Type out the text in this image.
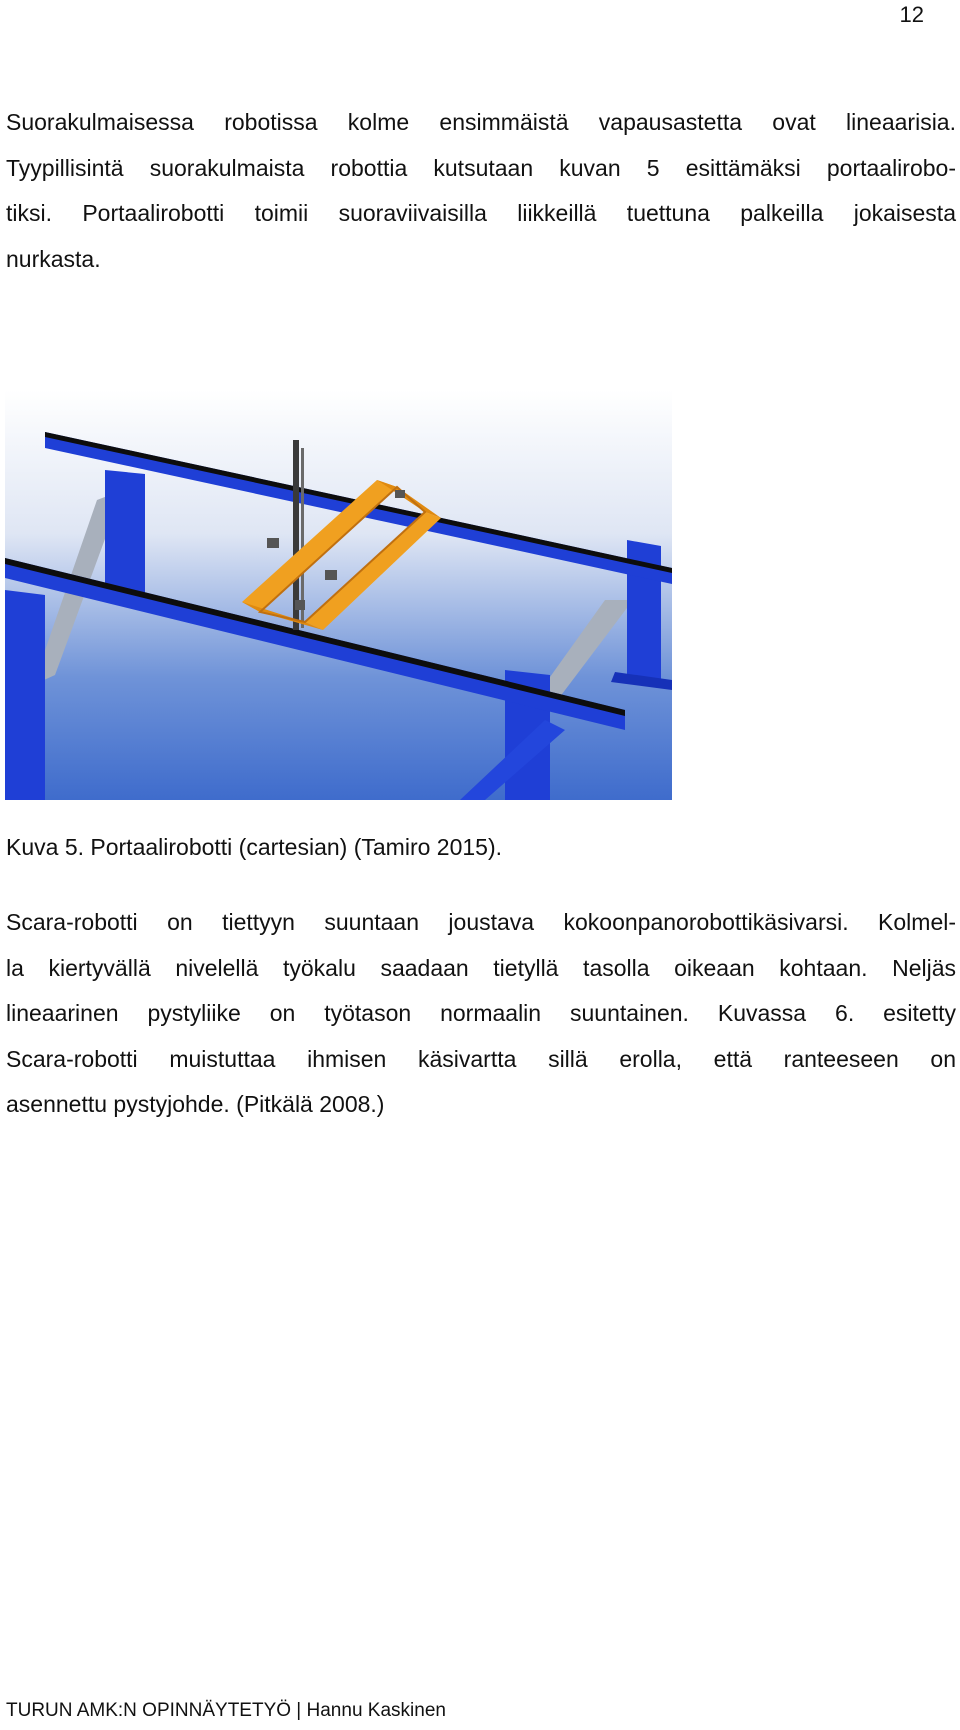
12
Suorakulmaisessa robotissa kolme ensimmäistä vapausastetta ovat lineaarisia.
Tyypillisintä suorakulmaista robottia kutsutaan kuvan 5 esittämäksi portaalirobo-
tiksi. Portaalirobotti toimii suoraviivaisilla liikkeillä tuettuna palkeilla jokaisesta
nurkasta.
Kuva 5. Portaalirobotti (cartesian) (Tamiro 2015).
Scara-robotti on tiettyyn suuntaan joustava kokoonpanorobottikäsivarsi. Kolmel-
la kiertyvällä nivelellä työkalu saadaan tietyllä tasolla oikeaan kohtaan. Neljäs
lineaarinen pystyliike on työtason normaalin suuntainen. Kuvassa 6. esitetty
Scara-robotti muistuttaa ihmisen käsivartta sillä erolla, että ranteeseen on
asennettu pystyjohde. (Pitkälä 2008.)
TURUN AMK:N OPINNÄYTETYÖ | Hannu Kaskinen
